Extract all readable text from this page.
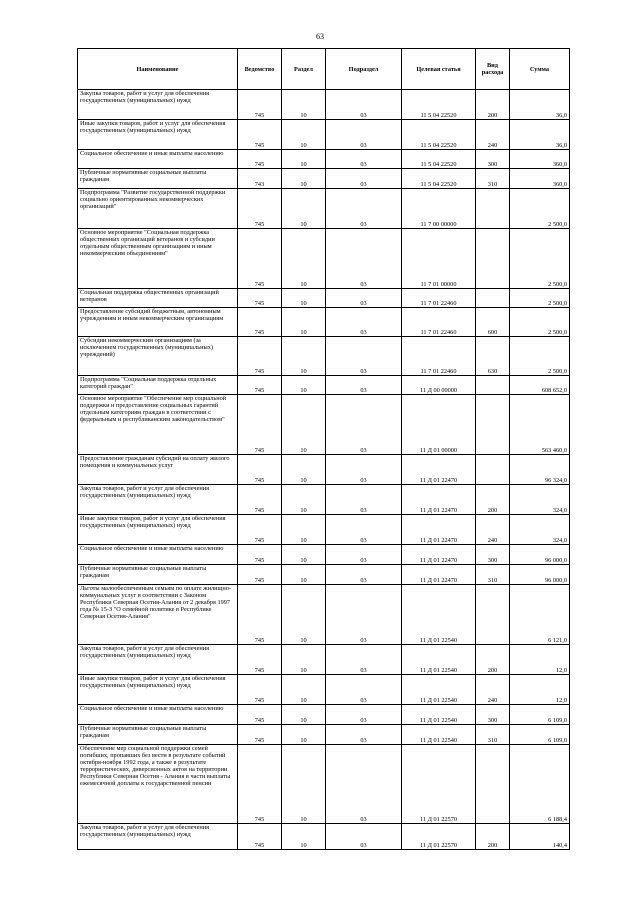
63
Наименование	Ведомство	Раздел	Подраздел	Целевая статья	Вид расхода	Сумма
Закупка товаров, работ и услуг для обеспечения государственных (муниципальных) нужд	745	10	03	11 5 04 22520	200	36,0
Иные закупки товаров, работ и услуг для обеспечения государственных (муниципальных) нужд	745	10	03	11 5 04 22520	240	36,0
Социальное обеспечение и иные выплаты населению	745	10	03	11 5 04 22520	300	360,0
Публичные нормативные социальные выплаты гражданам	743	10	03	11 5 04 22520	310	360,0
Подпрограмма "Развитие государственной поддержки социально ориентированных некоммерческих организаций"	745	10	03	11 7 00 00000		2 500,0
Основное мероприятие "Социальная поддержка общественных организаций ветеранов и субсидии отдельным общественным организациям и иным некоммерческим объединениям"	745	10	03	11 7 01 00000		2 500,0
Социальная поддержка общественных организаций ветеранов	745	10	03	11 7 01 22460		2 500,0
Предоставление субсидий бюджетным, автономным учреждениям и иным некоммерческим организациям	745	10	03	11 7 01 22460	600	2 500,0
Субсидии некоммерческим организациям (за исключением государственных (муниципальных) учреждений)	745	10	03	11 7 01 22460	630	2 500,0
Подпрограмма "Социальная поддержка отдельных категорий граждан"	745	10	03	11 Д 00 00000		608 652,0
Основное мероприятие "Обеспечение мер социальной поддержки и предоставление социальных гарантий отдельным категориям граждан в соответствии с федеральным и республиканским законодательством"	745	10	03	11 Д 01 00000		563 460,0
Предоставление гражданам субсидий на оплату жилого помещения и коммунальных услуг	745	10	03	11 Д 01 22470		96 324,0
Закупка товаров, работ и услуг для обеспечения государственных (муниципальных) нужд	745	10	03	11 Д 01 22470	200	324,0
Иные закупки товаров, работ и услуг для обеспечения государственных (муниципальных) нужд	745	10	03	11 Д 01 22470	240	324,0
Социальное обеспечение и иные выплаты населению	745	10	03	11 Д 01 22470	300	96 000,0
Публичные нормативные социальные выплаты гражданам	745	10	03	11 Д 01 22470	310	96 000,0
Льготы малообеспеченным семьям по оплате жилищно-коммунальных услуг в соответствии с Законом Республики Северная Осетия-Алания от 2 декабря 1997 года № 15-З "О семейной политике в Республике Северная Осетия-Алания"	745	10	03	11 Д 01 22540		6 121,0
Закупка товаров, работ и услуг для обеспечения государственных (муниципальных) нужд	745	10	03	11 Д 01 22540	200	12,0
Иные закупки товаров, работ и услуг для обеспечения государственных (муниципальных) нужд	745	10	03	11 Д 01 22540	240	12,0
Социальное обеспечение и иные выплаты населению	745	10	03	11 Д 01 22540	300	6 109,0
Публичные нормативные социальные выплаты гражданам	745	10	03	11 Д 01 22540	310	6 109,0
Обеспечение мер социальной поддержки семей погибших, пропавших без вести в результате событий октября-ноября 1992 года, а также в результате террористических, диверсионных актов на территории Республики Северная Осетия - Алания в части выплаты ежемесячной доплаты к государственной пенсии	745	10	03	11 Д 01 22570		6 188,4
Закупка товаров, работ и услуг для обеспечения государственных (муниципальных) нужд	745	10	03	11 Д 01 22570	200	140,4
